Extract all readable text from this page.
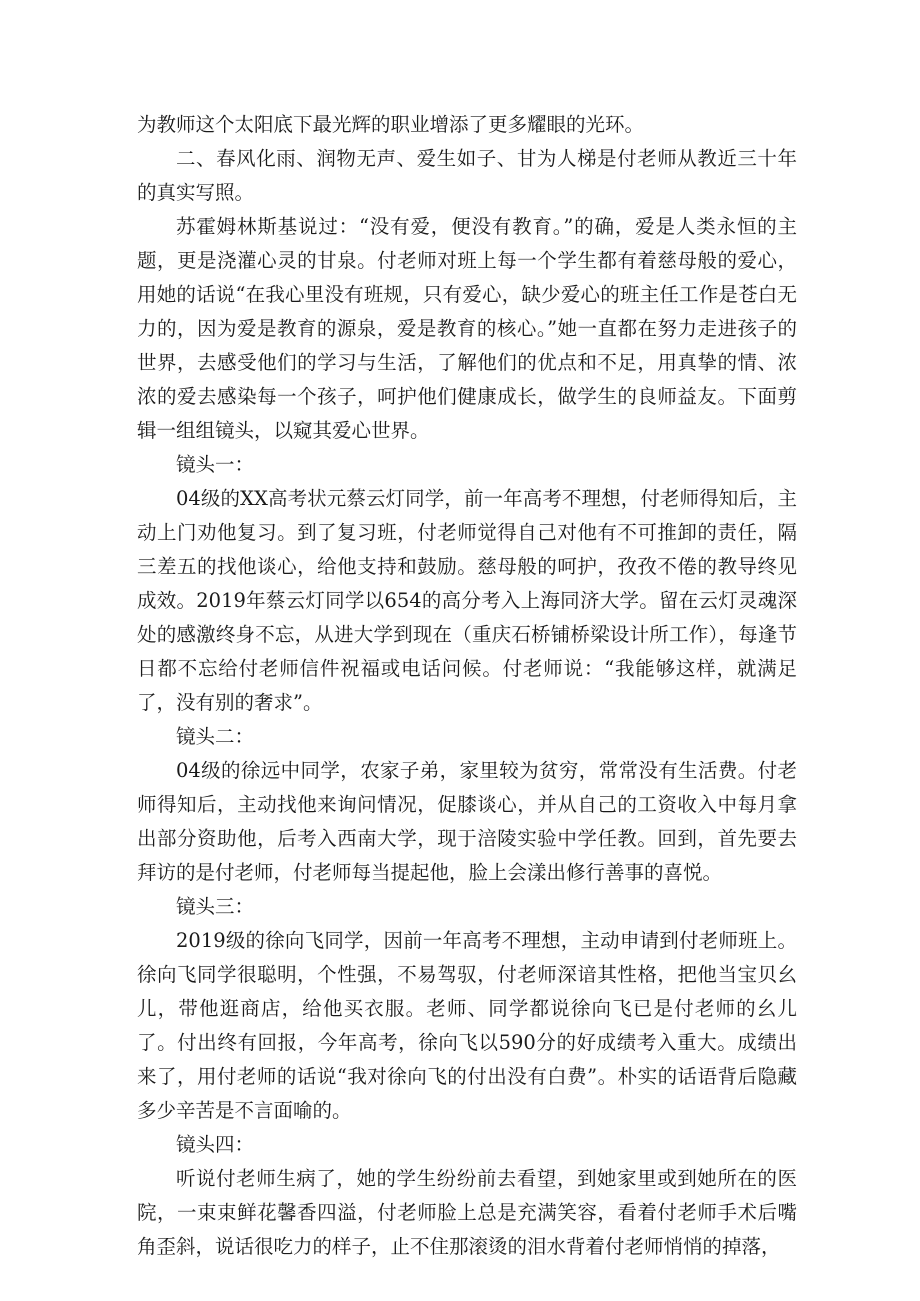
为教师这个太阳底下最光辉的职业增添了更多耀眼的光环。

二、春风化雨、润物无声、爱生如子、甘为人梯是付老师从教近三十年的真实写照。

苏霍姆林斯基说过：“没有爱，便没有教育。”的确，爱是人类永恒的主题，更是浇灌心灵的甘泉。付老师对班上每一个学生都有着慈母般的爱心，用她的话说“在我心里没有班规，只有爱心，缺少爱心的班主任工作是苍白无力的，因为爱是教育的源泉，爱是教育的核心。”她一直都在努力走进孩子的世界，去感受他们的学习与生活，了解他们的优点和不足，用真挚的情、浓浓的爱去感染每一个孩子，呵护他们健康成长，做学生的良师益友。下面剪辑一组组镜头，以窥其爱心世界。

镜头一：

04级的XX高考状元蔡云灯同学，前一年高考不理想，付老师得知后，主动上门劝他复习。到了复习班，付老师觉得自己对他有不可推卸的责任，隔三差五的找他谈心，给他支持和鼓励。慈母般的呵护，孜孜不倦的教导终见成效。2019年蔡云灯同学以654的高分考入上海同济大学。留在云灯灵魂深处的感激终身不忘，从进大学到现在（重庆石桥铺桥梁设计所工作），每逢节日都不忘给付老师信件祝福或电话问候。付老师说：“我能够这样，就满足了，没有别的奢求”。

镜头二：

04级的徐远中同学，农家子弟，家里较为贫穷，常常没有生活费。付老师得知后，主动找他来询问情况，促膝谈心，并从自己的工资收入中每月拿出部分资助他，后考入西南大学，现于涪陵实验中学任教。回到，首先要去拜访的是付老师，付老师每当提起他，脸上会漾出修行善事的喜悦。

镜头三：

2019级的徐向飞同学，因前一年高考不理想，主动申请到付老师班上。徐向飞同学很聪明，个性强，不易驾驭，付老师深谙其性格，把他当宝贝幺儿，带他逛商店，给他买衣服。老师、同学都说徐向飞已是付老师的幺儿了。付出终有回报，今年高考，徐向飞以590分的好成绩考入重大。成绩出来了，用付老师的话说“我对徐向飞的付出没有白费”。朴实的话语背后隐藏多少辛苦是不言面喻的。

镜头四：

听说付老师生病了，她的学生纷纷前去看望，到她家里或到她所在的医院，一束束鲜花馨香四溢，付老师脸上总是充满笑容，看着付老师手术后嘴角歪斜，说话很吃力的样子，止不住那滚烫的泪水背着付老师悄悄的掉落，
